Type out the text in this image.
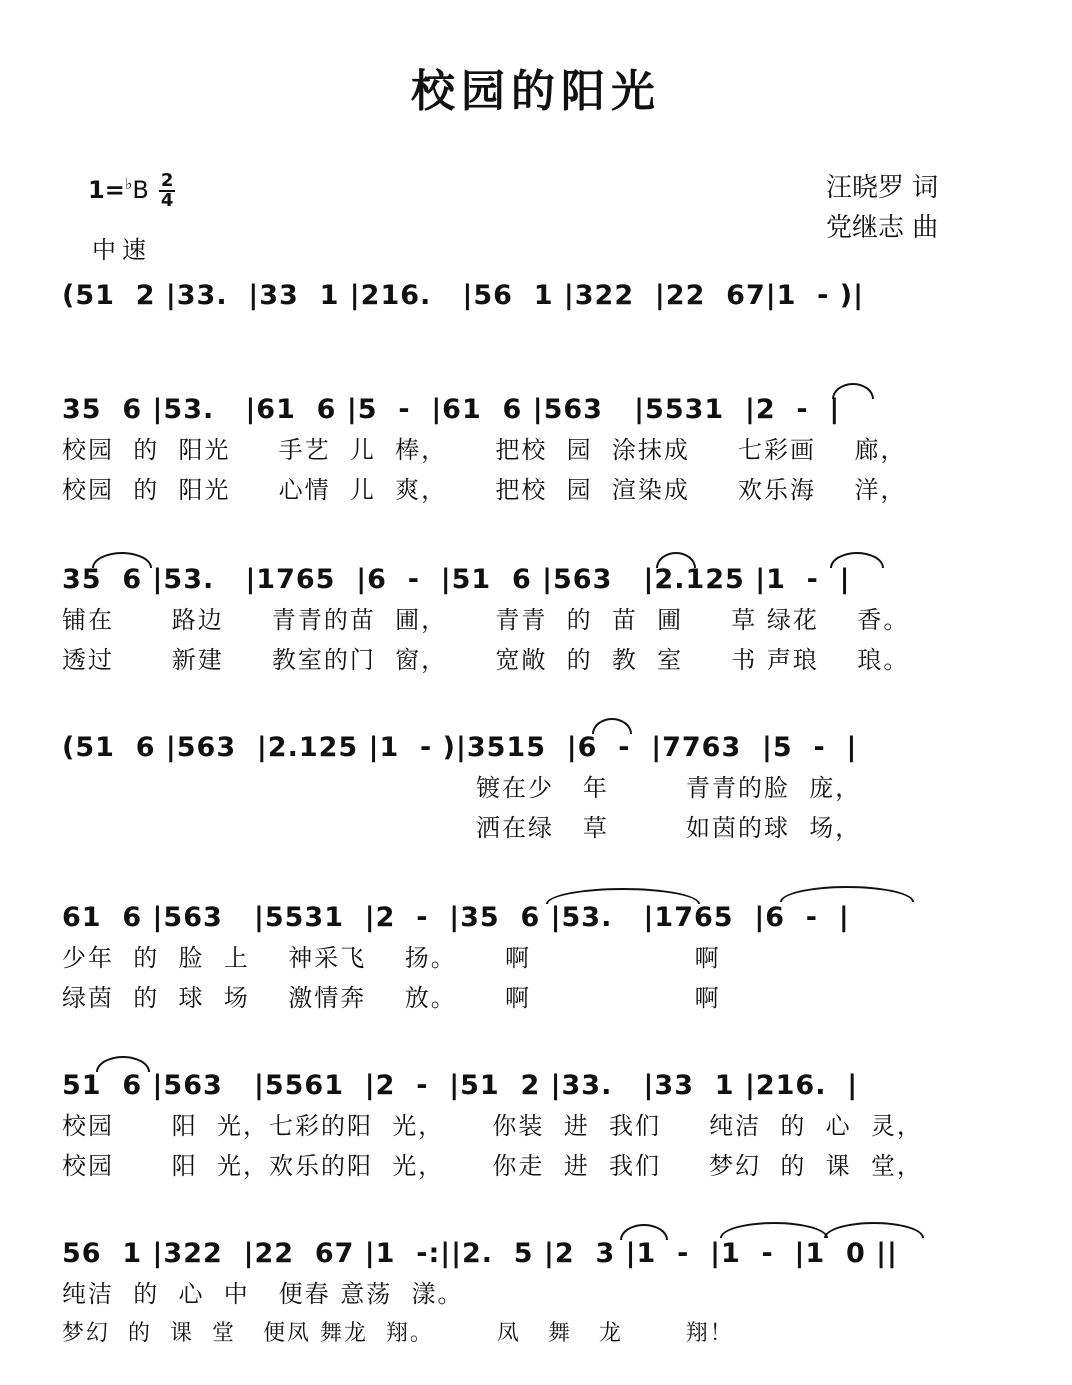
校园的阳光
$1=^♭B \frac{2}{4}$
中速
汪晓罗 词
党继志 曲
(51  2 |33.  |33  1 |216.   |56  1 |322  |22  67|1  - )|
35  6 |53.   |61  6 |5  -  |61  6 |563   |5531  |2  -  |
校园  的  阳光     手艺  儿  棒，     把校  园  涂抹成     七彩画    廊，
校园  的  阳光     心情  儿  爽，     把校  园  渲染成     欢乐海    洋，
35  6 |53.   |1765  |6  -  |51  6 |563   |2.125 |1  -  |
铺在      路边     青青的苗  圃，     青青  的  苗  圃     草 绿花    香。
透过      新建     教室的门  窗，     宽敞  的  教  室     书 声琅    琅。
(51  6 |563  |2.125 |1  - )|3515  |6  -  |7763  |5  -  |
镀在少   年        青青的脸  庞，
洒在绿   草        如茵的球  场，
61  6 |563   |5531  |2  -  |35  6 |53.   |1765  |6  -  |
少年  的  脸  上    神采飞    扬。     啊                 啊
绿茵  的  球  场    激情奔    放。     啊                 啊
51  6 |563   |5561  |2  -  |51  2 |33.   |33  1 |216.  |
校园      阳  光，七彩的阳  光，     你装  进  我们     纯洁  的  心  灵，
校园      阳  光，欢乐的阳  光，     你走  进  我们     梦幻  的  课  堂，
56  1 |322  |22  67 |1  -:||2.  5 |2  3 |1  -  |1  -  |1  0 ||
纯洁  的  心  中   便春 意荡  漾。
梦幻  的  课  堂   便凤 舞龙  翔。       凤   舞   龙       翔！
